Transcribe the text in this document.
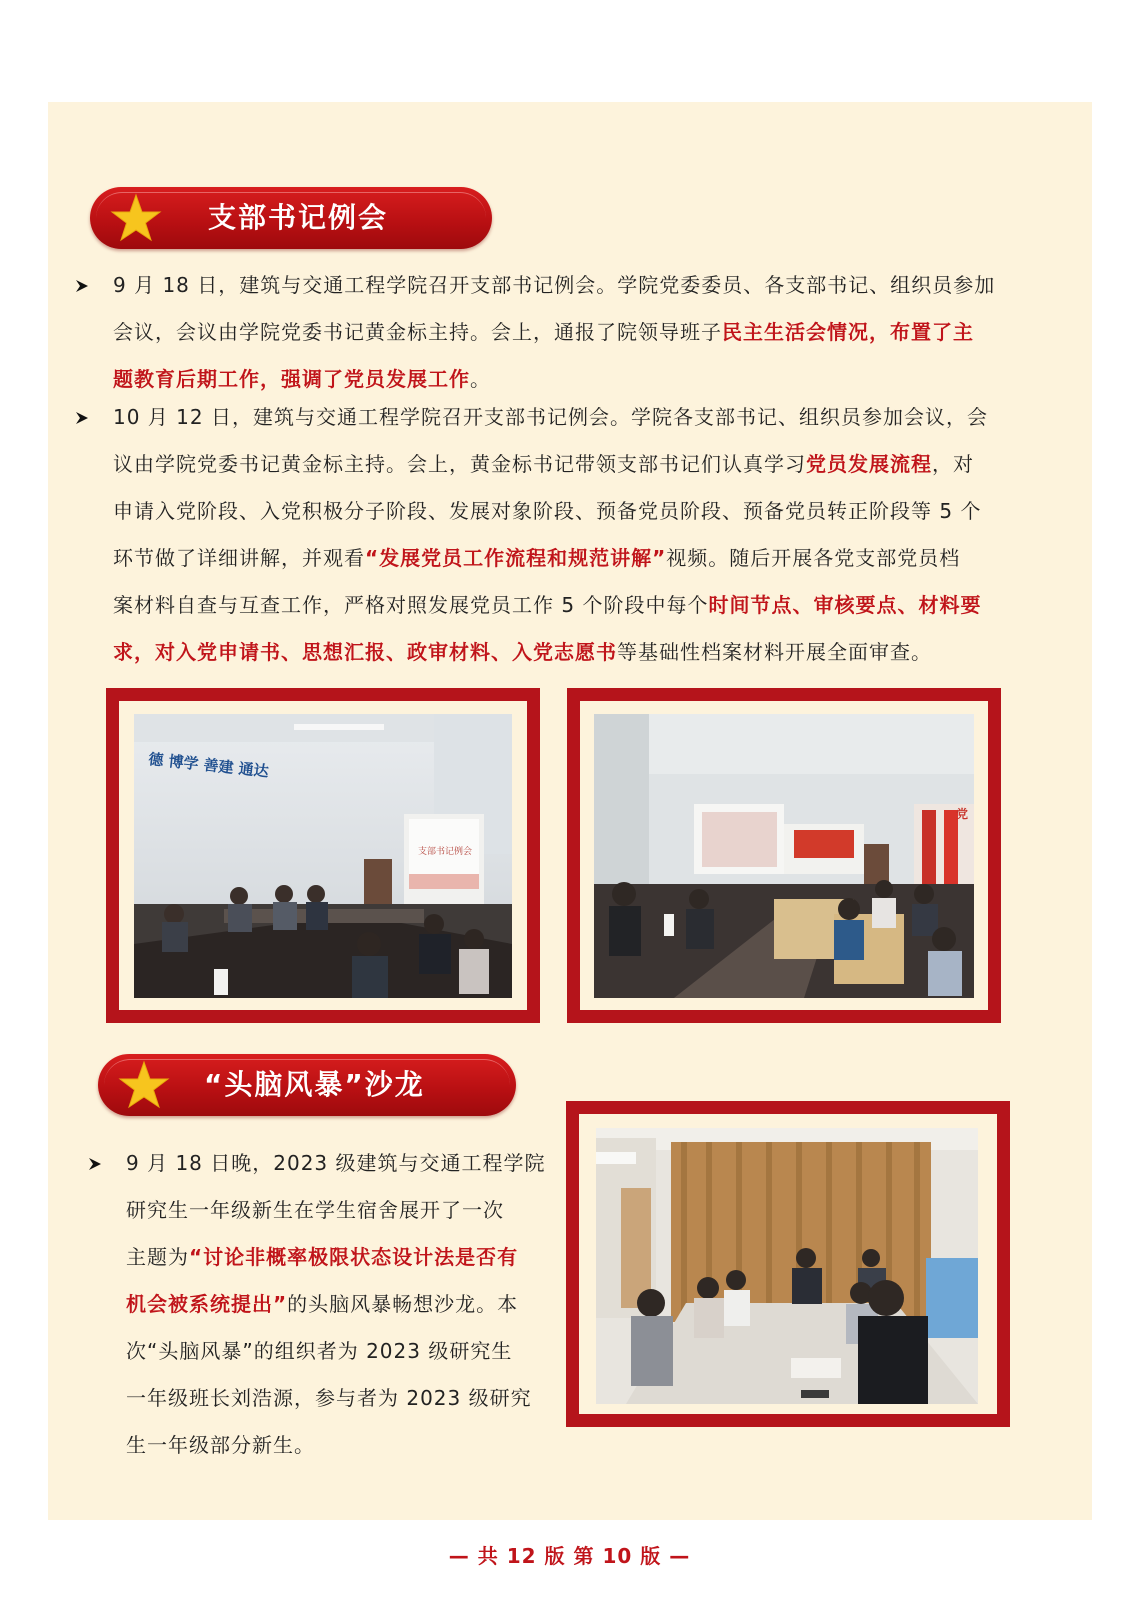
支部书记例会
9 月 18 日，建筑与交通工程学院召开支部书记例会。学院党委委员、各支部书记、组织员参加
会议，会议由学院党委书记黄金标主持。会上，通报了院领导班子民主生活会情况，布置了主
题教育后期工作，强调了党员发展工作。
10 月 12 日，建筑与交通工程学院召开支部书记例会。学院各支部书记、组织员参加会议，会
议由学院党委书记黄金标主持。会上，黄金标书记带领支部书记们认真学习党员发展流程，对
申请入党阶段、入党积极分子阶段、发展对象阶段、预备党员阶段、预备党员转正阶段等 5 个
环节做了详细讲解，并观看“发展党员工作流程和规范讲解”视频。随后开展各党支部党员档
案材料自查与互查工作，严格对照发展党员工作 5 个阶段中每个时间节点、审核要点、材料要
求，对入党申请书、思想汇报、政审材料、入党志愿书等基础性档案材料开展全面审查。
德 博学 善建 通达
支部书记例会
党
“头脑风暴”沙龙
9 月 18 日晚，2023 级建筑与交通工程学院
研究生一年级新生在学生宿舍展开了一次
主题为“讨论非概率极限状态设计法是否有
机会被系统提出”的头脑风暴畅想沙龙。本
次“头脑风暴”的组织者为 2023 级研究生
一年级班长刘浩源，参与者为 2023 级研究
生一年级部分新生。
— 共 12 版 第 10 版 —
